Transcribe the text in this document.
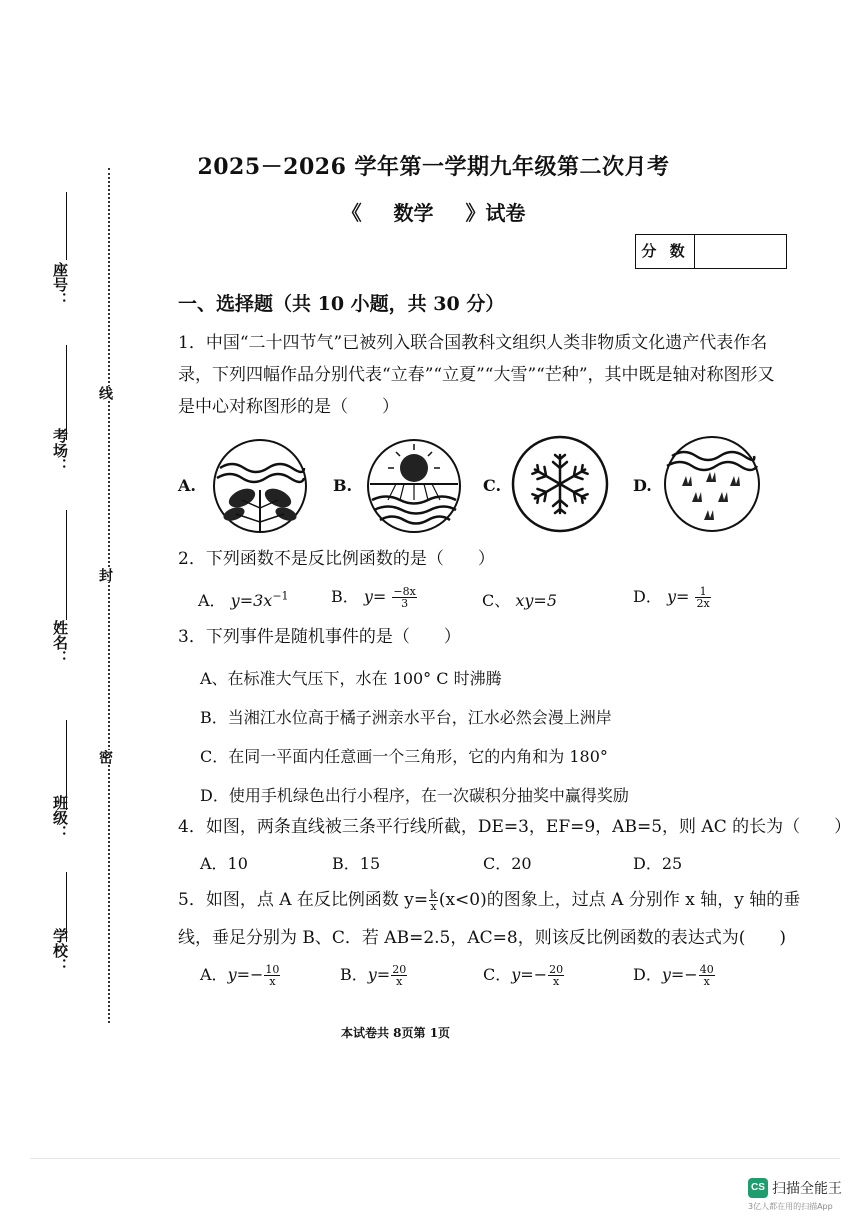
座号：
考场：
姓名：
班级：
学校：
线
封
密
2025－2026 学年第一学期九年级第二次月考
《 数学 》试卷
分 数
一、选择题（共 10 小题，共 30 分）
1．中国“二十四节气”已被列入联合国教科文组织人类非物质文化遗产代表作名
录，下列四幅作品分别代表“立春”“立夏”“大雪”“芒种”，其中既是轴对称图形又
是中心对称图形的是（　　）
A.	B.	C.	D.
2．下列函数不是反比例函数的是（　　）
A． $y=3x^{-1}$	B． $y= \frac{-8x}{3}$	C、 xy=5	D． $y= \frac{1}{2x}$
3．下列事件是随机事件的是（　　）
A、在标准大气压下，水在 100° C 时沸腾
B．当湘江水位高于橘子洲亲水平台，江水必然会漫上洲岸
C．在同一平面内任意画一个三角形，它的内角和为 180°
D．使用手机绿色出行小程序，在一次碳积分抽奖中赢得奖励
4．如图，两条直线被三条平行线所截，DE=3，EF=9，AB=5，则 AC 的长为（　　）
A．10	B．15	C．20	D．25
5．如图，点 A 在反比例函数 $y= \frac{k}{x} (x<0)$的图象上，过点 A 分别作 x 轴，y 轴的垂
线，垂足分别为 B、C．若 AB=2.5，AC=8，则该反比例函数的表达式为(　　)
A．$y=- \frac{10}{x}$	B．$y= \frac{20}{x}$	C．$y=- \frac{20}{x}$	D．$y=- \frac{40}{x}$
本试卷共 8页第 1页
CS 扫描全能王
3亿人都在用的扫描App
